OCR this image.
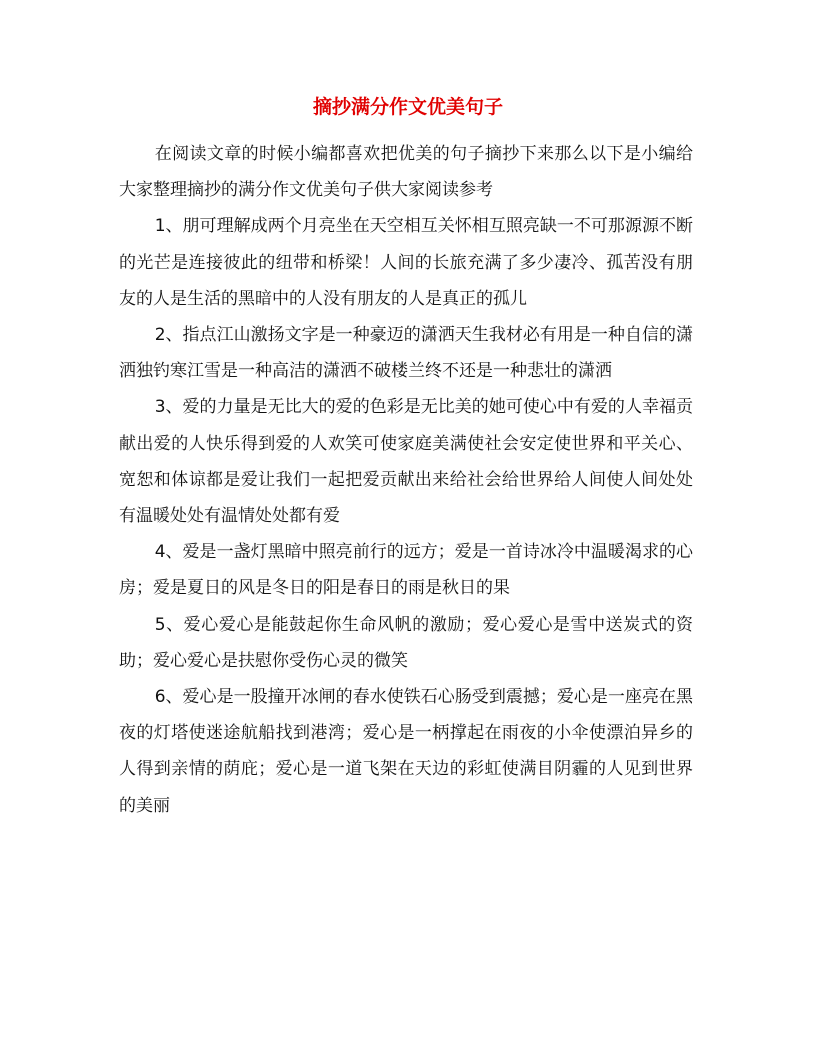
摘抄满分作文优美句子

在阅读文章的时候小编都喜欢把优美的句子摘抄下来那么以下是小编给大家整理摘抄的满分作文优美句子供大家阅读参考

1、朋可理解成两个月亮坐在天空相互关怀相互照亮缺一不可那源源不断的光芒是连接彼此的纽带和桥梁！人间的长旅充满了多少凄冷、孤苦没有朋友的人是生活的黑暗中的人没有朋友的人是真正的孤儿

2、指点江山激扬文字是一种豪迈的潇洒天生我材必有用是一种自信的潇洒独钓寒江雪是一种高洁的潇洒不破楼兰终不还是一种悲壮的潇洒

3、爱的力量是无比大的爱的色彩是无比美的她可使心中有爱的人幸福贡献出爱的人快乐得到爱的人欢笑可使家庭美满使社会安定使世界和平关心、宽恕和体谅都是爱让我们一起把爱贡献出来给社会给世界给人间使人间处处有温暖处处有温情处处都有爱

4、爱是一盏灯黑暗中照亮前行的远方；爱是一首诗冰冷中温暖渴求的心房；爱是夏日的风是冬日的阳是春日的雨是秋日的果

5、爱心爱心是能鼓起你生命风帆的激励；爱心爱心是雪中送炭式的资助；爱心爱心是扶慰你受伤心灵的微笑

6、爱心是一股撞开冰闸的春水使铁石心肠受到震撼；爱心是一座亮在黑夜的灯塔使迷途航船找到港湾；爱心是一柄撑起在雨夜的小伞使漂泊异乡的人得到亲情的荫庇；爱心是一道飞架在天边的彩虹使满目阴霾的人见到世界的美丽
